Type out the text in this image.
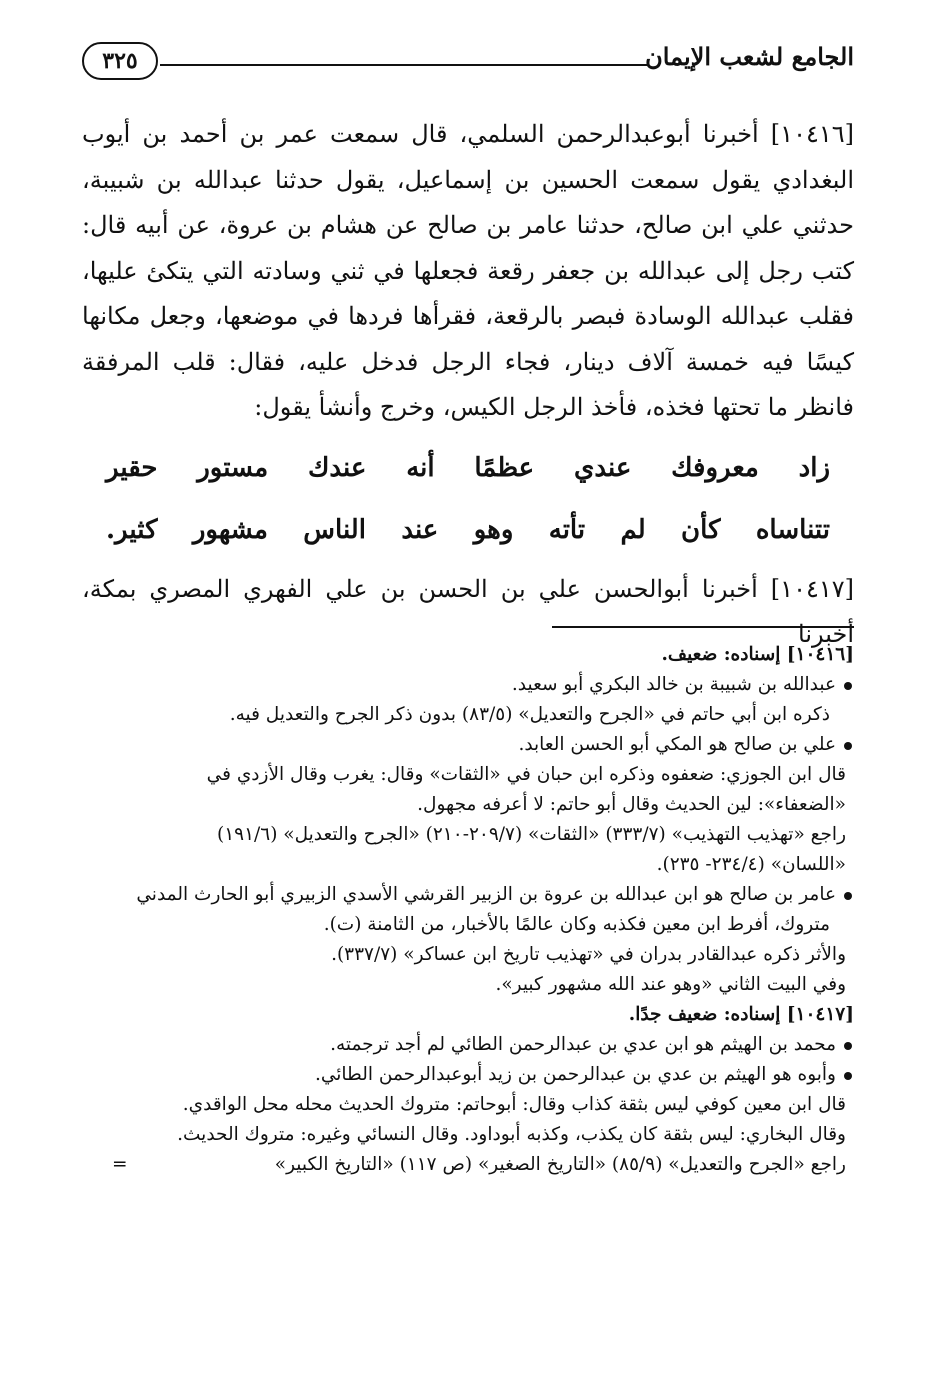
الجامع لشعب الإيمان
٣٢٥

[١٠٤١٦] أخبرنا أبوعبدالرحمن السلمي، قال سمعت عمر بن أحمد بن أيوب البغدادي يقول سمعت الحسين بن إسماعيل، يقول حدثنا عبدالله بن شبيبة، حدثني علي ابن صالح، حدثنا عامر بن صالح عن هشام بن عروة، عن أبيه قال: كتب رجل إلى عبدالله بن جعفر رقعة فجعلها في ثني وسادته التي يتكئ عليها، فقلب عبدالله الوسادة فبصر بالرقعة، فقرأها فردها في موضعها، وجعل مكانها كيسًا فيه خمسة آلاف دينار، فجاء الرجل فدخل عليه، فقال: قلب المرفقة فانظر ما تحتها فخذه، فأخذ الرجل الكيس، وخرج وأنشأ يقول:

زاد معروفك عندي عظمًا أنه عندك مستور حقير
تتناساه كأن لم تأته وهو عند الناس مشهور كثير.

[١٠٤١٧] أخبرنا أبوالحسن علي بن الحسن بن علي الفهري المصري بمكة، أخبرنا

[١٠٤١٦] إسناده: ضعيف.

عبدالله بن شبيبة بن خالد البكري أبو سعيد.

ذكره ابن أبي حاتم في «الجرح والتعديل» (٨٣/٥) بدون ذكر الجرح والتعديل فيه.

علي بن صالح هو المكي أبو الحسن العابد.

قال ابن الجوزي: ضعفوه وذكره ابن حبان في «الثقات» وقال: يغرب وقال الأزدي في

«الضعفاء»: لين الحديث وقال أبو حاتم: لا أعرفه مجهول.

راجع «تهذيب التهذيب» (٣٣٣/٧) «الثقات» (٢٠٩/٧-٢١٠) «الجرح والتعديل» (١٩١/٦)

«اللسان» (٢٣٤/٤- ٢٣٥).

عامر بن صالح هو ابن عبدالله بن عروة بن الزبير القرشي الأسدي الزبيري أبو الحارث المدني

متروك، أفرط ابن معين فكذبه وكان عالمًا بالأخبار، من الثامنة (ت).

والأثر ذكره عبدالقادر بدران في «تهذيب تاريخ ابن عساكر» (٣٣٧/٧).

وفي البيت الثاني «وهو عند الله مشهور كبير».

[١٠٤١٧] إسناده: ضعيف جدًا.

محمد بن الهيثم هو ابن عدي بن عبدالرحمن الطائي لم أجد ترجمته.

وأبوه هو الهيثم بن عدي بن عبدالرحمن بن زيد أبوعبدالرحمن الطائي.

قال ابن معين كوفي ليس بثقة كذاب وقال: أبوحاتم: متروك الحديث محله محل الواقدي.

وقال البخاري: ليس بثقة كان يكذب، وكذبه أبوداود. وقال النسائي وغيره: متروك الحديث.

راجع «الجرح والتعديل» (٨٥/٩) «التاريخ الصغير» (ص ١١٧) «التاريخ الكبير»
=
